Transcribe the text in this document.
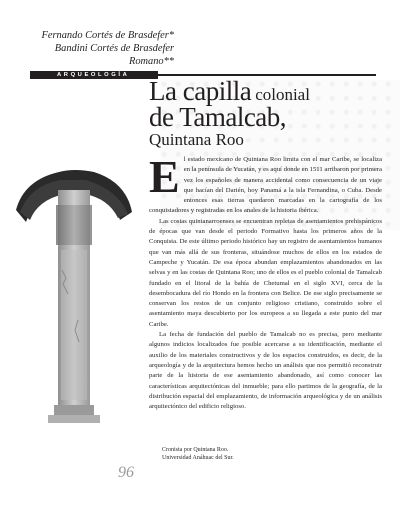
Fernando Cortés de Brasdefer*
Bandini Cortés de Brasdefer
Romano**
ARQUEOLOGÍA
La capilla colonial
de Tamalcab,
Quintana Roo
E l estado mexicano de Quintana Roo limita con el mar Caribe, se localiza en la península de Yucatán, y es aquí donde en 1511 arribaron por primera vez los españoles de manera accidental como consecuencia de un viaje que hacían del Darién, hoy Panamá a la isla Fernandina, o Cuba. Desde entonces esas tierras quedaron marcadas en la cartografía de los conquistadores y registradas en los anales de la historia ibérica.

Las costas quintanarroenses se encuentran repletas de asentamientos prehispánicos de épocas que van desde el periodo Formativo hasta los primeros años de la Conquista. De este último periodo histórico hay un registro de asentamientos humanos que van más allá de sus fronteras, situándose muchos de ellos en los estados de Campeche y Yucatán. De esa época abundan emplazamientos abandonados en las selvas y en las costas de Quintana Roo; uno de ellos es el pueblo colonial de Tamalcab fundado en el litoral de la bahía de Chetumal en el siglo XVI, cerca de la desembocadura del río Hondo en la frontera con Belice. De ese siglo precisamente se conservan los restos de un conjunto religioso cristiano, construido sobre el asentamiento maya descubierto por los europeos a su llegada a este punto del mar Caribe.

La fecha de fundación del pueblo de Tamalcab no es precisa, pero mediante algunos indicios localizados fue posible acercarse a su identificación, mediante el auxilio de los materiales constructivos y de los espacios construidos, es decir, de la arqueología y de la arquitectura hemos hecho un análisis que nos permitió reconstruir parte de la historia de ese asentamiento abandonado, así como conocer las características arquitectónicas del inmueble; para ello partimos de la geografía, de la distribución espacial del emplazamiento, de información arqueológica y de un análisis arquitectónico del edificio religioso.

Cronista por Quintana Roo.
Universidad Anáhuac del Sur.
96
